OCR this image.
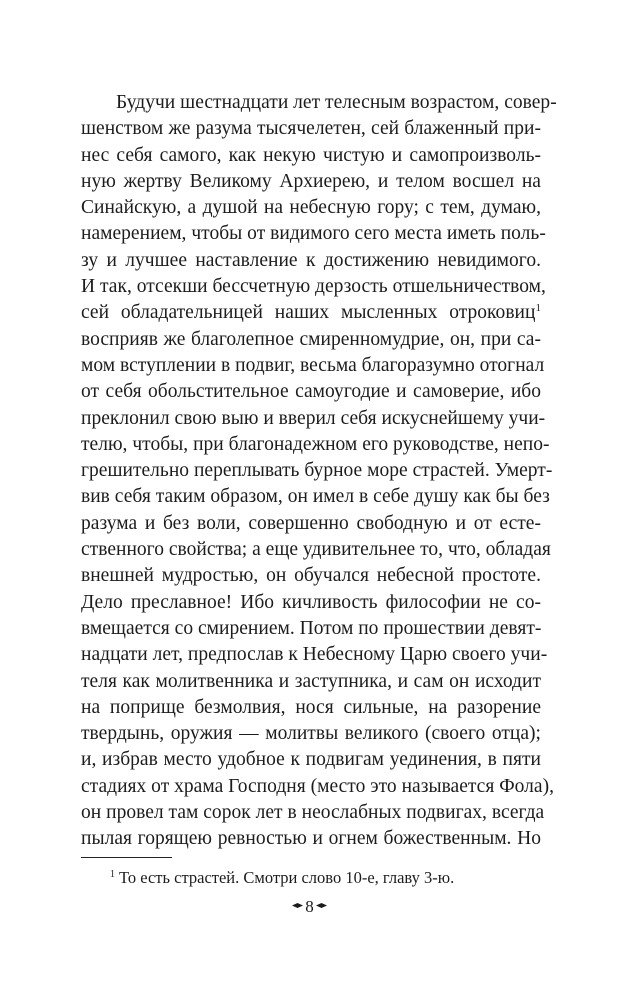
Будучи шестнадцати лет телесным возрастом, совер-
шенством же разума тысячелетен, сей блаженный при-
нес себя самого, как некую чистую и самопроизволь-
ную жертву Великому Архиерею, и телом восшел на
Синайскую, а душой на небесную гору; с тем, думаю,
намерением, чтобы от видимого сего места иметь поль-
зу и лучшее наставление к достижению невидимого.
И так, отсекши бессчетную дерзость отшельничеством,
сей обладательницей наших мысленных отроковиц$^1$
восприяв же благолепное смиренномудрие, он, при са-
мом вступлении в подвиг, весьма благоразумно отогнал
от себя обольстительное самоугодие и самоверие, ибо
преклонил свою выю и вверил себя искуснейшему учи-
телю, чтобы, при благонадежном его руководстве, непо-
грешительно переплывать бурное море страстей. Умерт-
вив себя таким образом, он имел в себе душу как бы без
разума и без воли, совершенно свободную и от есте-
ственного свойства; а еще удивительнее то, что, обладая
внешней мудростью, он обучался небесной простоте.
Дело преславное! Ибо кичливость философии не со-
вмещается со смирением. Потом по прошествии девят-
надцати лет, предпослав к Небесному Царю своего учи-
теля как молитвенника и заступника, и сам он исходит
на поприще безмолвия, нося сильные, на разорение
твердынь, оружия — молитвы великого (своего отца);
и, избрав место удобное к подвигам уединения, в пяти
стадиях от храма Господня (место это называется Фола),
он провел там сорок лет в неослабных подвигах, всегда
пылая горящею ревностью и огнем божественным. Но
$^1$ То есть страстей. Смотри слово 10-е, главу 3-ю.
8
